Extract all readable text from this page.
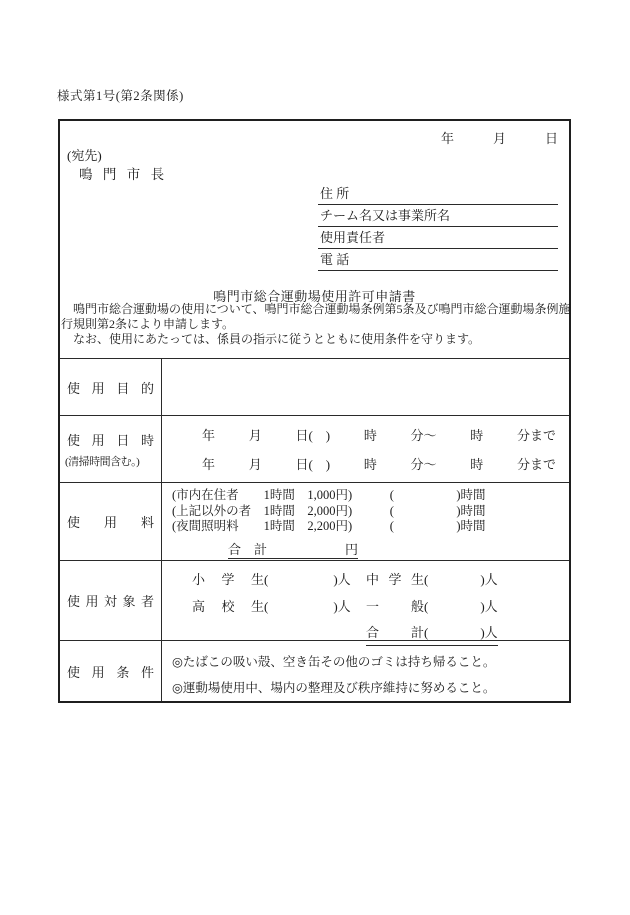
様式第1号(第2条関係)
年　　　月　　　日
(宛先)
鳴 門 市 長
住 所
チーム名又は事業所名
使用責任者
電 話
鳴門市総合運動場使用許可申請書
　鳴門市総合運動場の使用について、鳴門市総合運動場条例第5条及び鳴門市総合運動場条例施
行規則第2条により申請します。
　なお、使用にあたっては、係員の指示に従うとともに使用条件を守ります。
使 用 目 的
使 用 日 時
(清掃時間含む。)
年	月	日(　)	時	分～	時	分まで
年	月	日(　)	時	分～	時	分まで
使 用 料
(市内在住者　　1時間　1,000円)　　　(　　　　　)時間
(上記以外の者　1時間　2,000円)　　　(　　　　　)時間
(夜間照明料　　1時間　2,200円)　　　(　　　　　)時間
合　計　　　　　　円
使 用 対 象 者
小 学 生 (　　　　　)人	中 学 生 (　　　　)人
高 校 生 (　　　　　)人	一 般 (　　　　)人
合 計 (　　　　)人
使 用 条 件
◎たばこの吸い殻、空き缶その他のゴミは持ち帰ること。
◎運動場使用中、場内の整理及び秩序維持に努めること。
